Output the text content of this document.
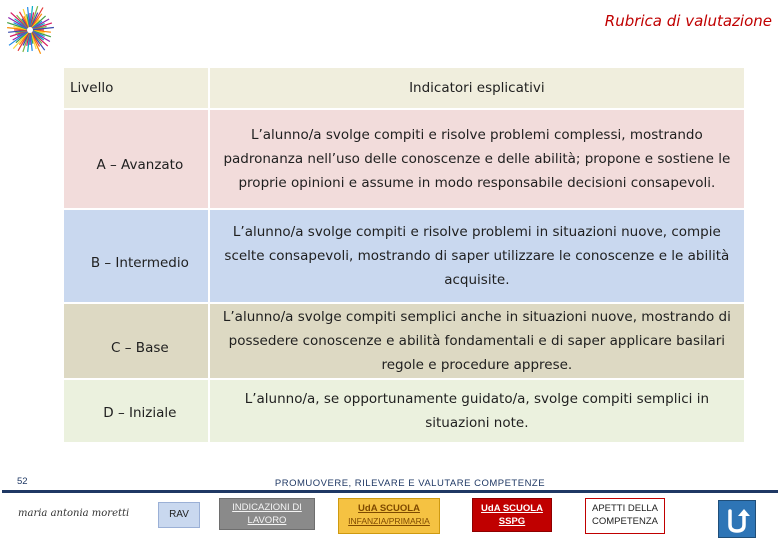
Rubrica di valutazione
Livello	Indicatori esplicativi
A – Avanzato	L’alunno/a svolge compiti e risolve problemi complessi, mostrando padronanza nell’uso delle conoscenze e delle abilità; propone e sostiene le proprie opinioni e assume in modo responsabile decisioni consapevoli.
B – Intermedio	L’alunno/a svolge compiti e risolve problemi in situazioni nuove, compie scelte consapevoli, mostrando di saper utilizzare le conoscenze e le abilità acquisite.
C – Base	L’alunno/a svolge compiti semplici anche in situazioni nuove, mostrando di possedere conoscenze e abilità fondamentali e di saper applicare basilari regole e procedure apprese.
D – Iniziale	L’alunno/a, se opportunamente guidato/a, svolge compiti semplici in situazioni note.
52	PROMUOVERE, RILEVARE E VALUTARE COMPETENZE
maria antonia moretti	RAV
INDICAZIONI DI
LAVORO
UdA SCUOLA
INFANZIA/PRIMARIA
UdA SCUOLA
SSPG
APETTI DELLA
COMPETENZA
